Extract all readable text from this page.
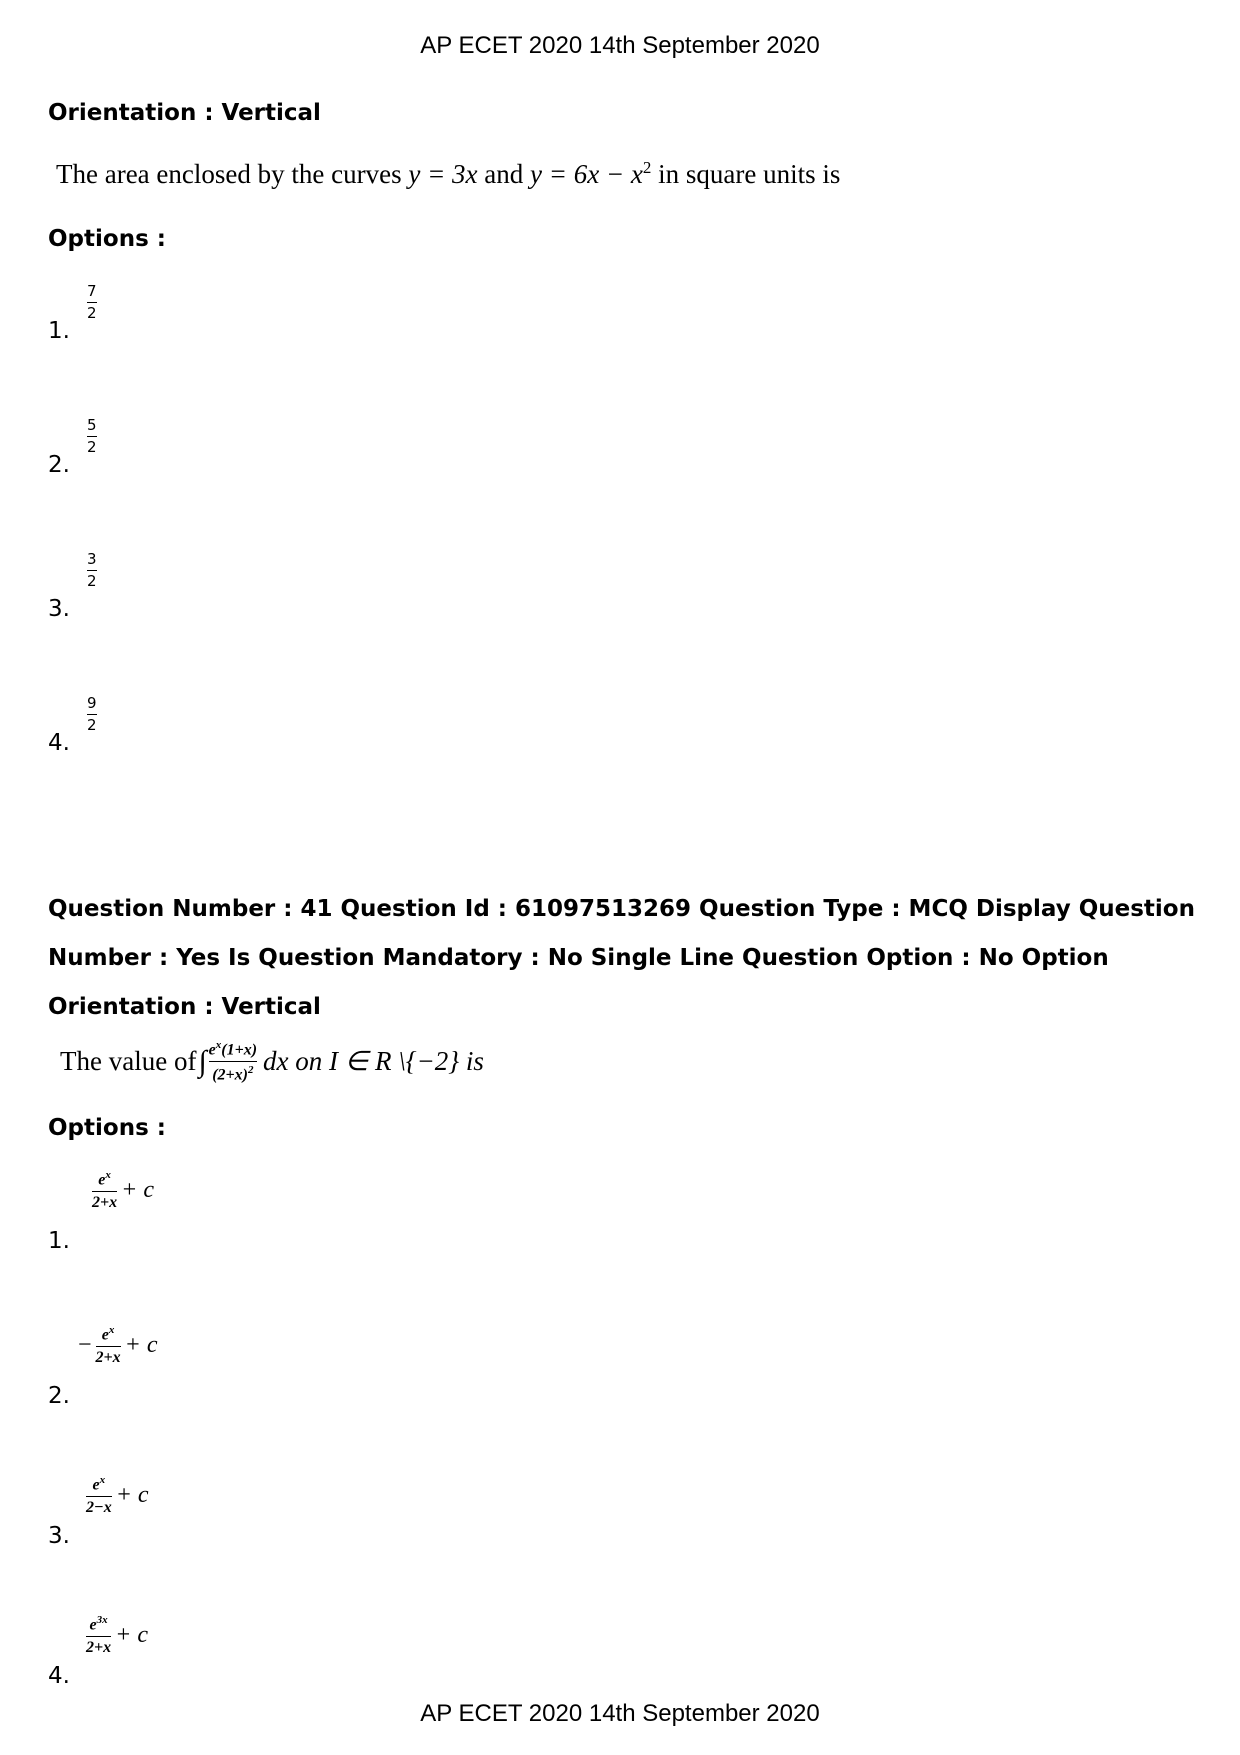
AP ECET 2020 14th September 2020
Orientation : Vertical
The area enclosed by the curves y = 3x and $y = 6x - x^2$ in square units is
Options :
1.
7
2
2.
5
2
3.
3
2
4.
9
2
Question Number : 41 Question Id : 61097513269 Question Type : MCQ Display Question
Number : Yes Is Question Mandatory : No Single Line Question Option : No Option
Orientation : Vertical
The value of ∫ $\frac{e^x(1+x)}{(2+x)^2}$ dx on I ∈ R \{−2} is
Options :
1.
$\frac{e^x}{2+x} + c$
2.
− $\frac{e^x}{2+x} + c$
3.
$\frac{e^x}{2-x} + c$
4.
$\frac{e^{3x}}{2+x} + c$
AP ECET 2020 14th September 2020
